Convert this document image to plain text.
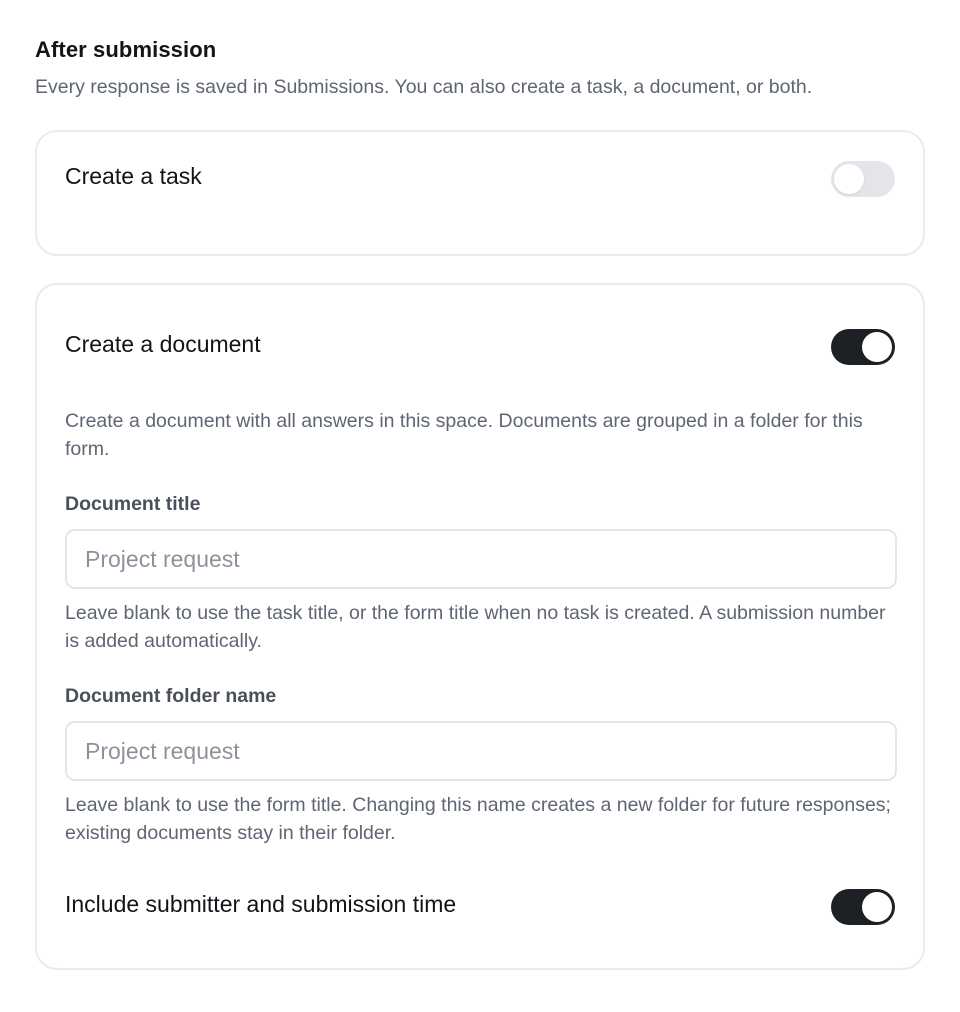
After submission
Every response is saved in Submissions. You can also create a task, a document, or both.
Create a task
Create a document
Create a document with all answers in this space. Documents are grouped in a folder for this form.
Document title
Project request
Leave blank to use the task title, or the form title when no task is created. A submission number is added automatically.
Document folder name
Project request
Leave blank to use the form title. Changing this name creates a new folder for future responses; existing documents stay in their folder.
Include submitter and submission time
